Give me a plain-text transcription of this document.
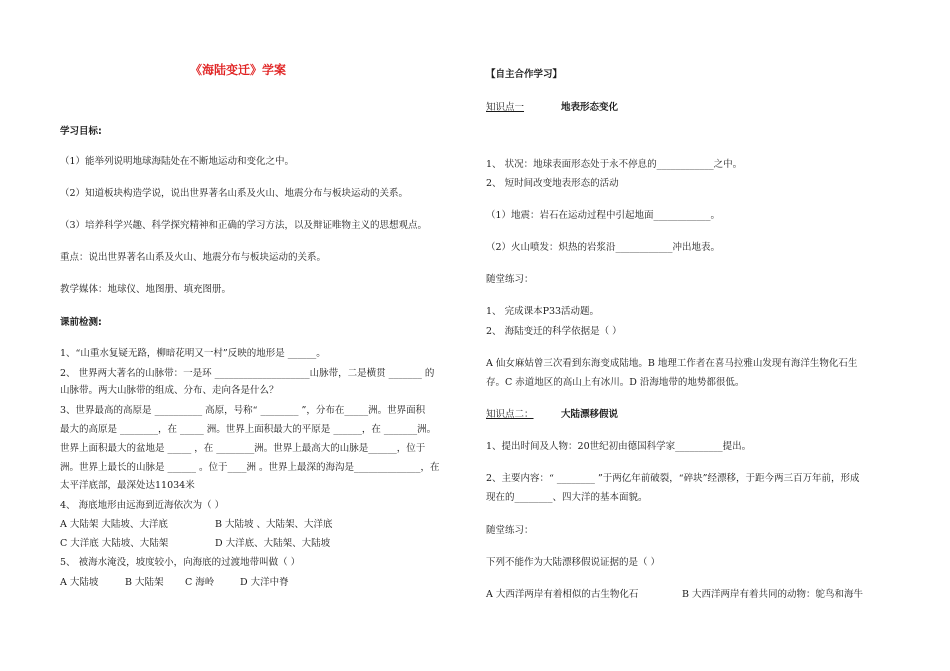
《海陆变迁》学案
学习目标:
（1）能举列说明地球海陆处在不断地运动和变化之中。
（2）知道板块构造学说，说出世界著名山系及火山、地震分布与板块运动的关系。
（3）培养科学兴趣、科学探究精神和正确的学习方法，以及辩证唯物主义的思想观点。
重点：说出世界著名山系及火山、地震分布与板块运动的关系。
教学媒体：地球仪、地图册、填充图册。
课前检测:
1、“山重水复疑无路，柳暗花明又一村”反映的地形是 ______。
2、 世界两大著名的山脉带：一是环 ____________________山脉带，二是横贯 _______ 的
山脉带。两大山脉带的组成、分布、走向各是什么？
3、世界最高的高原是 __________ 高原，号称“ ________ ”，分布在_____洲。世界面积
最大的高原是 ________，在 _____ 洲。世界上面积最大的平原是 ______，在 _______洲。
世界上面积最大的盆地是 _____ ，在 ________洲。世界上最高大的山脉是______，位于
洲。世界上最长的山脉是 ______ 。位于____洲 。世界上最深的海沟是______________，在
太平洋底部，最深处达11034米
4、 海底地形由远海到近海依次为（ ）
A 大陆架 大陆坡、大洋底	B 大陆坡 、大陆架、大洋底
C 大洋底 大陆坡、大陆架	D 大洋底、大陆架、大陆坡
5、 被海水淹没，坡度较小，向海底的过渡地带叫做（ ）
A 大陆坡	B 大陆架 C 海岭	D 大洋中脊
【自主合作学习】
知识点一	地表形态变化
1、 状况：地球表面形态处于永不停息的____________之中。
2、 短时间改变地表形态的活动
（1）地震：岩石在运动过程中引起地面____________。
（2）火山喷发：炽热的岩浆沿____________冲出地表。
随堂练习：
1、 完成课本P33活动题。
2、 海陆变迁的科学依据是（ ）
A 仙女麻姑曾三次看到东海变成陆地。B 地理工作者在喜马拉雅山发现有海洋生物化石生
存。C 赤道地区的高山上有冰川。D 沿海地带的地势都很低。
知识点二：	大陆漂移假说
1、提出时间及人物：20世纪初由德国科学家__________提出。
2、主要内容：“ ________ ”于两亿年前破裂，“碎块”经漂移，于距今两三百万年前，形成
现在的________、四大洋的基本面貌。
随堂练习：
下列不能作为大陆漂移假说证据的是（ ）
A 大西洋两岸有着相似的古生物化石	B 大西洋两岸有着共同的动物：鸵鸟和海牛
